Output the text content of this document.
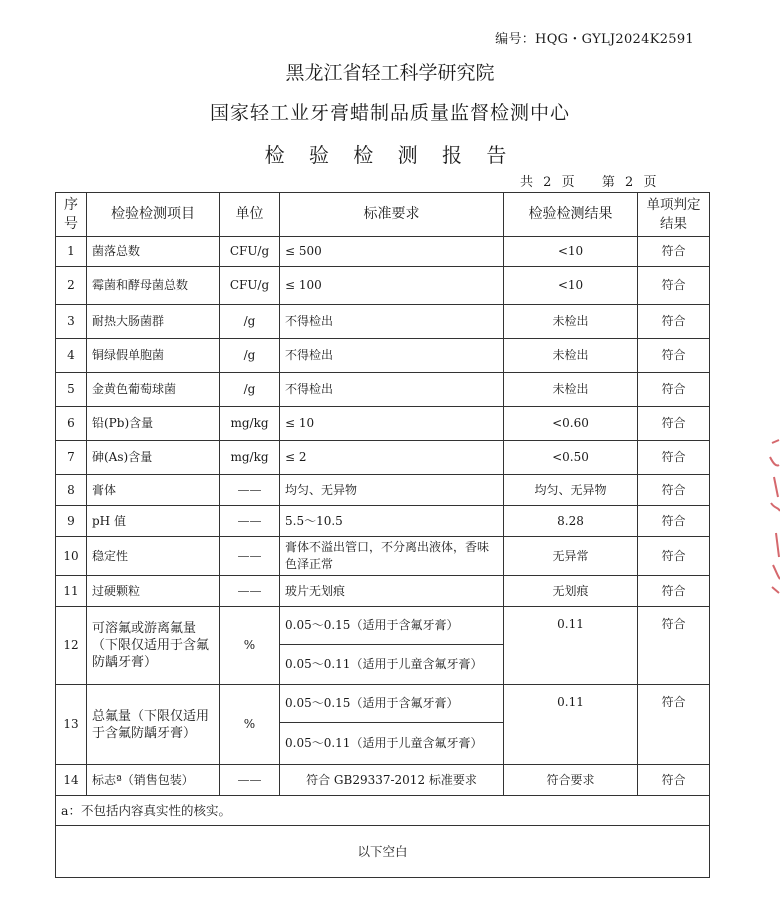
编号：HQG・GYLJ2024K2591
黑龙江省轻工科学研究院
国家轻工业牙膏蜡制品质量监督检测中心
检 验 检 测 报 告
共 2 页 第 2 页
序号	检验检测项目	单位	标准要求	检验检测结果	单项判定结果
1	菌落总数	CFU/g	≤ 500	<10	符合
2	霉菌和酵母菌总数	CFU/g	≤ 100	<10	符合
3	耐热大肠菌群	/g	不得检出	未检出	符合
4	铜绿假单胞菌	/g	不得检出	未检出	符合
5	金黄色葡萄球菌	/g	不得检出	未检出	符合
6	铅(Pb)含量	mg/kg	≤ 10	<0.60	符合
7	砷(As)含量	mg/kg	≤ 2	<0.50	符合
8	膏体	——	均匀、无异物	均匀、无异物	符合
9	pH 值	——	5.5～10.5	8.28	符合
10	稳定性	——	膏体不溢出管口，不分离出液体，香味色泽正常	无异常	符合
11	过硬颗粒	——	玻片无划痕	无划痕	符合
12	可溶氟或游离氟量（下限仅适用于含氟防龋牙膏）	%	0.05～0.15（适用于含氟牙膏）	0.11	符合
			0.05～0.11（适用于儿童含氟牙膏）		
13	总氟量（下限仅适用于含氟防龋牙膏）	%	0.05～0.15（适用于含氟牙膏）	0.11	符合
			0.05～0.11（适用于儿童含氟牙膏）		
14	标志ª（销售包装）	——	符合 GB29337-2012 标准要求	符合要求	符合
a：不包括内容真实性的核实。					
以下空白					
